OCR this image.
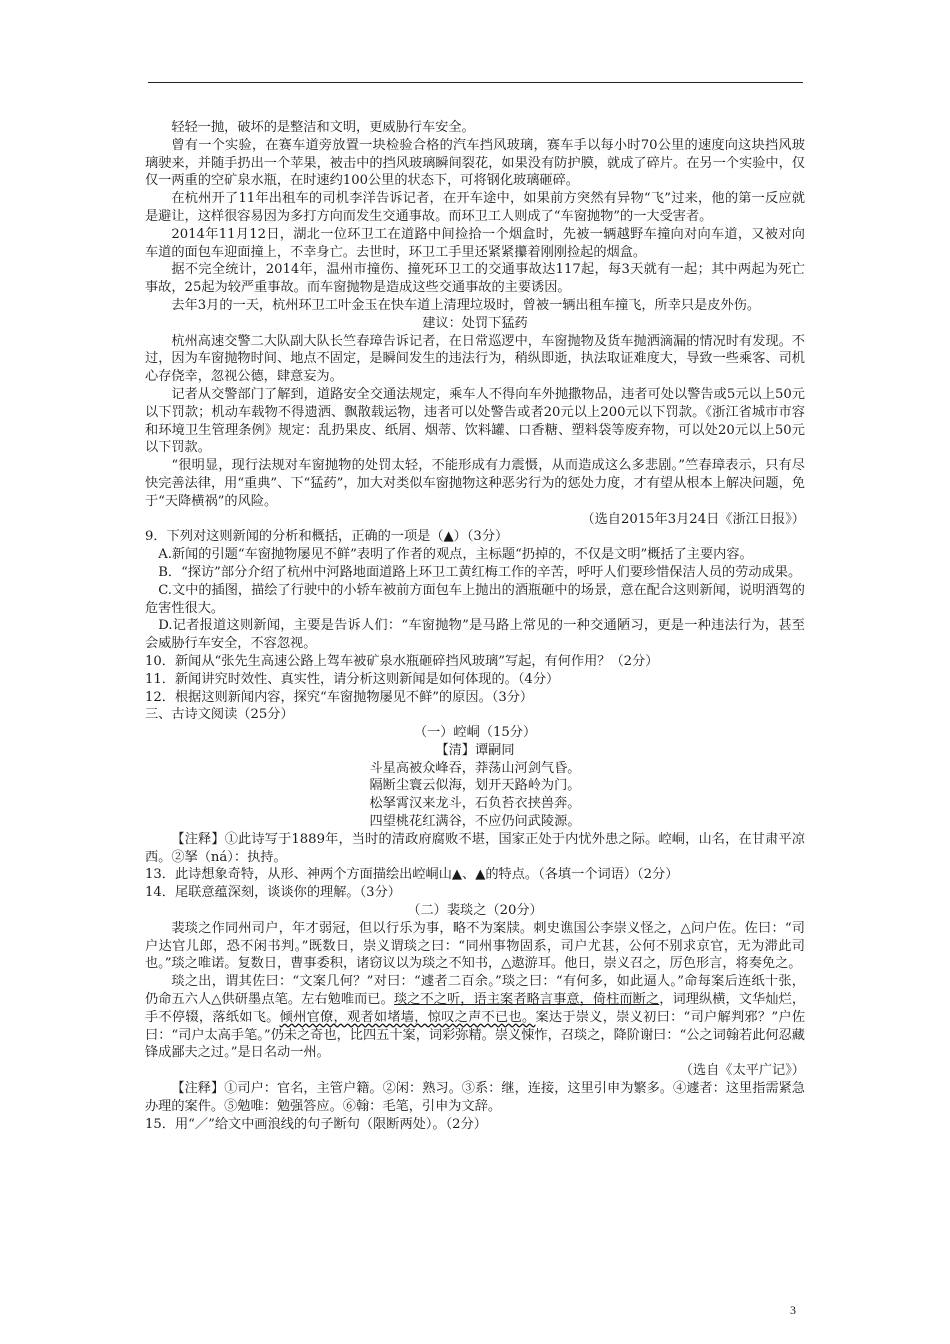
轻轻一抛，破坏的是整洁和文明，更威胁行车安全。

曾有一个实验，在赛车道旁放置一块检验合格的汽车挡风玻璃，赛车手以每小时70公里的速度向这块挡风玻璃驶来，并随手扔出一个苹果，被击中的挡风玻璃瞬间裂花，如果没有防护膜，就成了碎片。在另一个实验中，仅仅一两重的空矿泉水瓶，在时速约100公里的状态下，可将钢化玻璃砸碎。

在杭州开了11年出租车的司机李洋告诉记者，在开车途中，如果前方突然有异物“飞”过来，他的第一反应就是避让，这样很容易因为多打方向而发生交通事故。而环卫工人则成了“车窗抛物”的一大受害者。

2014年11月12日，湖北一位环卫工在道路中间捡拾一个烟盒时，先被一辆越野车撞向对向车道，又被对向车道的面包车迎面撞上，不幸身亡。去世时，环卫工手里还紧紧攥着刚刚捡起的烟盒。

据不完全统计，2014年，温州市撞伤、撞死环卫工的交通事故达117起，每3天就有一起；其中两起为死亡事故，25起为较严重事故。而车窗抛物是造成这些交通事故的主要诱因。

去年3月的一天，杭州环卫工叶金玉在快车道上清理垃圾时，曾被一辆出租车撞飞，所幸只是皮外伤。

建议：处罚下猛药

杭州高速交警二大队副大队长竺春璋告诉记者，在日常巡逻中，车窗抛物及货车抛洒滴漏的情况时有发现。不过，因为车窗抛物时间、地点不固定，是瞬间发生的违法行为，稍纵即逝，执法取证难度大，导致一些乘客、司机心存侥幸，忽视公德，肆意妄为。

记者从交警部门了解到，道路安全交通法规定，乘车人不得向车外抛撒物品，违者可处以警告或5元以上50元以下罚款；机动车载物不得遗洒、飘散载运物，违者可以处警告或者20元以上200元以下罚款。《浙江省城市市容和环境卫生管理条例》规定：乱扔果皮、纸屑、烟蒂、饮料罐、口香糖、塑料袋等废弃物，可以处20元以上50元以下罚款。

“很明显，现行法规对车窗抛物的处罚太轻，不能形成有力震慑，从而造成这么多悲剧。”竺春璋表示，只有尽快完善法律，用“重典”、下“猛药”，加大对类似车窗抛物这种恶劣行为的惩处力度，才有望从根本上解决问题，免于“天降横祸”的风险。

（选自2015年3月24日《浙江日报》）

9．下列对这则新闻的分析和概括，正确的一项是（▲）（3分）

A.新闻的引题“车窗抛物屡见不鲜”表明了作者的观点，主标题“扔掉的，不仅是文明”概括了主要内容。

B．“探访”部分介绍了杭州中河路地面道路上环卫工黄红梅工作的辛苦，呼吁人们要珍惜保洁人员的劳动成果。

C.文中的插图，描绘了行驶中的小轿车被前方面包车上抛出的酒瓶砸中的场景，意在配合这则新闻，说明酒驾的危害性很大。

D.记者报道这则新闻，主要是告诉人们：“车窗抛物”是马路上常见的一种交通陋习，更是一种违法行为，甚至会威胁行车安全，不容忽视。

10．新闻从“张先生高速公路上驾车被矿泉水瓶砸碎挡风玻璃”写起，有何作用？（2分）

11．新闻讲究时效性、真实性，请分析这则新闻是如何体现的。（4分）

12．根据这则新闻内容，探究“车窗抛物屡见不鲜”的原因。（3分）

三、古诗文阅读（25分）

（一）崆峒（15分）

【清】谭嗣同

斗星高被众峰吞，莽荡山河剑气昏。

隔断尘寰云似海，划开天路岭为门。

松拏霄汉来龙斗，石负苔衣挟兽奔。

四望桃花红满谷，不应仍问武陵源。

【注释】①此诗写于1889年，当时的清政府腐败不堪，国家正处于内忧外患之际。崆峒，山名，在甘肃平凉西。②拏（ná）：执持。

13．此诗想象奇特，从形、神两个方面描绘出崆峒山▲、▲的特点。（各填一个词语）（2分）

14．尾联意蕴深刻，谈谈你的理解。（3分）

（二）裴琰之（20分）

裴琰之作同州司户，年才弱冠，但以行乐为事，略不为案牍。刺史谯国公李崇义怪之，△问户佐。佐曰：“司户达官儿郎，恐不闲书判。”既数日，崇义谓琰之曰：“同州事物固系，司户尤甚，公何不别求京官，无为滞此司也。”琰之唯诺。复数日，曹事委积，诸窃议以为琰之不知书，△遨游耳。他日，崇义召之，厉色形言，将奏免之。

琰之出，谓其佐曰：“文案几何？”对曰：“遽者二百余。”琰之曰：“有何多，如此逼人。”命每案后连纸十张，仍命五六人△供研墨点笔。左右勉唯而已。琰之不之听，语主案者略言事意，倚柱而断之，词理纵横，文华灿烂，手不停辍，落纸如飞。倾州官僚，观者如堵墙，惊叹之声不已也。案达于崇义，崇义初曰：“司户解判邪？”户佐曰：“司户太高手笔。”仍未之奇也，比四五十案，词彩弥精。崇义悚怍，召琰之，降阶谢曰：“公之词翰若此何忍藏锋成鄙夫之过。”是日名动一州。

（选自《太平广记》）

【注释】①司户：官名，主管户籍。②闲：熟习。③系：继，连接，这里引申为繁多。④遽者：这里指需紧急办理的案件。⑤勉唯：勉强答应。⑥翰：毛笔，引申为文辞。

15．用“／”给文中画浪线的句子断句（限断两处）。（2分）

3
